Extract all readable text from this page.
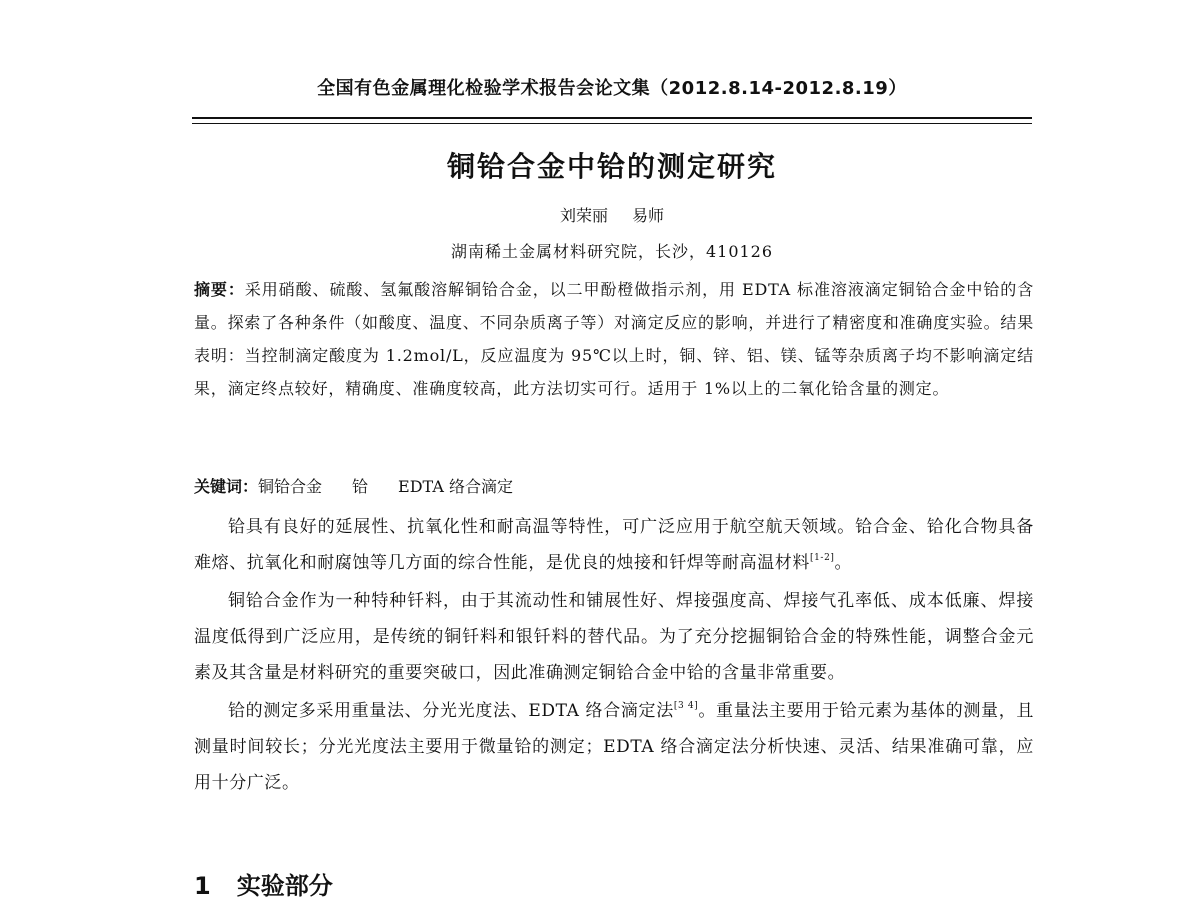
全国有色金属理化检验学术报告会论文集（2012.8.14-2012.8.19）
铜铪合金中铪的测定研究
刘荣丽 易师
湖南稀土金属材料研究院，长沙，410126
摘要：采用硝酸、硫酸、氢氟酸溶解铜铪合金，以二甲酚橙做指示剂，用 EDTA 标准溶液滴定铜铪合金中铪的含量。探索了各种条件（如酸度、温度、不同杂质离子等）对滴定反应的影响，并进行了精密度和准确度实验。结果表明：当控制滴定酸度为 1.2mol/L，反应温度为 95℃以上时，铜、锌、铝、镁、锰等杂质离子均不影响滴定结果，滴定终点较好，精确度、准确度较高，此方法切实可行。适用于 1%以上的二氧化铪含量的测定。
关键词：铜铪合金 铪 EDTA 络合滴定

铪具有良好的延展性、抗氧化性和耐高温等特性，可广泛应用于航空航天领域。铪合金、铪化合物具备难熔、抗氧化和耐腐蚀等几方面的综合性能，是优良的烛接和钎焊等耐高温材料[1-2]。

铜铪合金作为一种特种钎料，由于其流动性和铺展性好、焊接强度高、焊接气孔率低、成本低廉、焊接温度低得到广泛应用，是传统的铜钎料和银钎料的替代品。为了充分挖掘铜铪合金的特殊性能，调整合金元素及其含量是材料研究的重要突破口，因此准确测定铜铪合金中铪的含量非常重要。

铪的测定多采用重量法、分光光度法、EDTA 络合滴定法[3 4]。重量法主要用于铪元素为基体的测量，且测量时间较长；分光光度法主要用于微量铪的测定；EDTA 络合滴定法分析快速、灵活、结果准确可靠，应用十分广泛。

1 实验部分
